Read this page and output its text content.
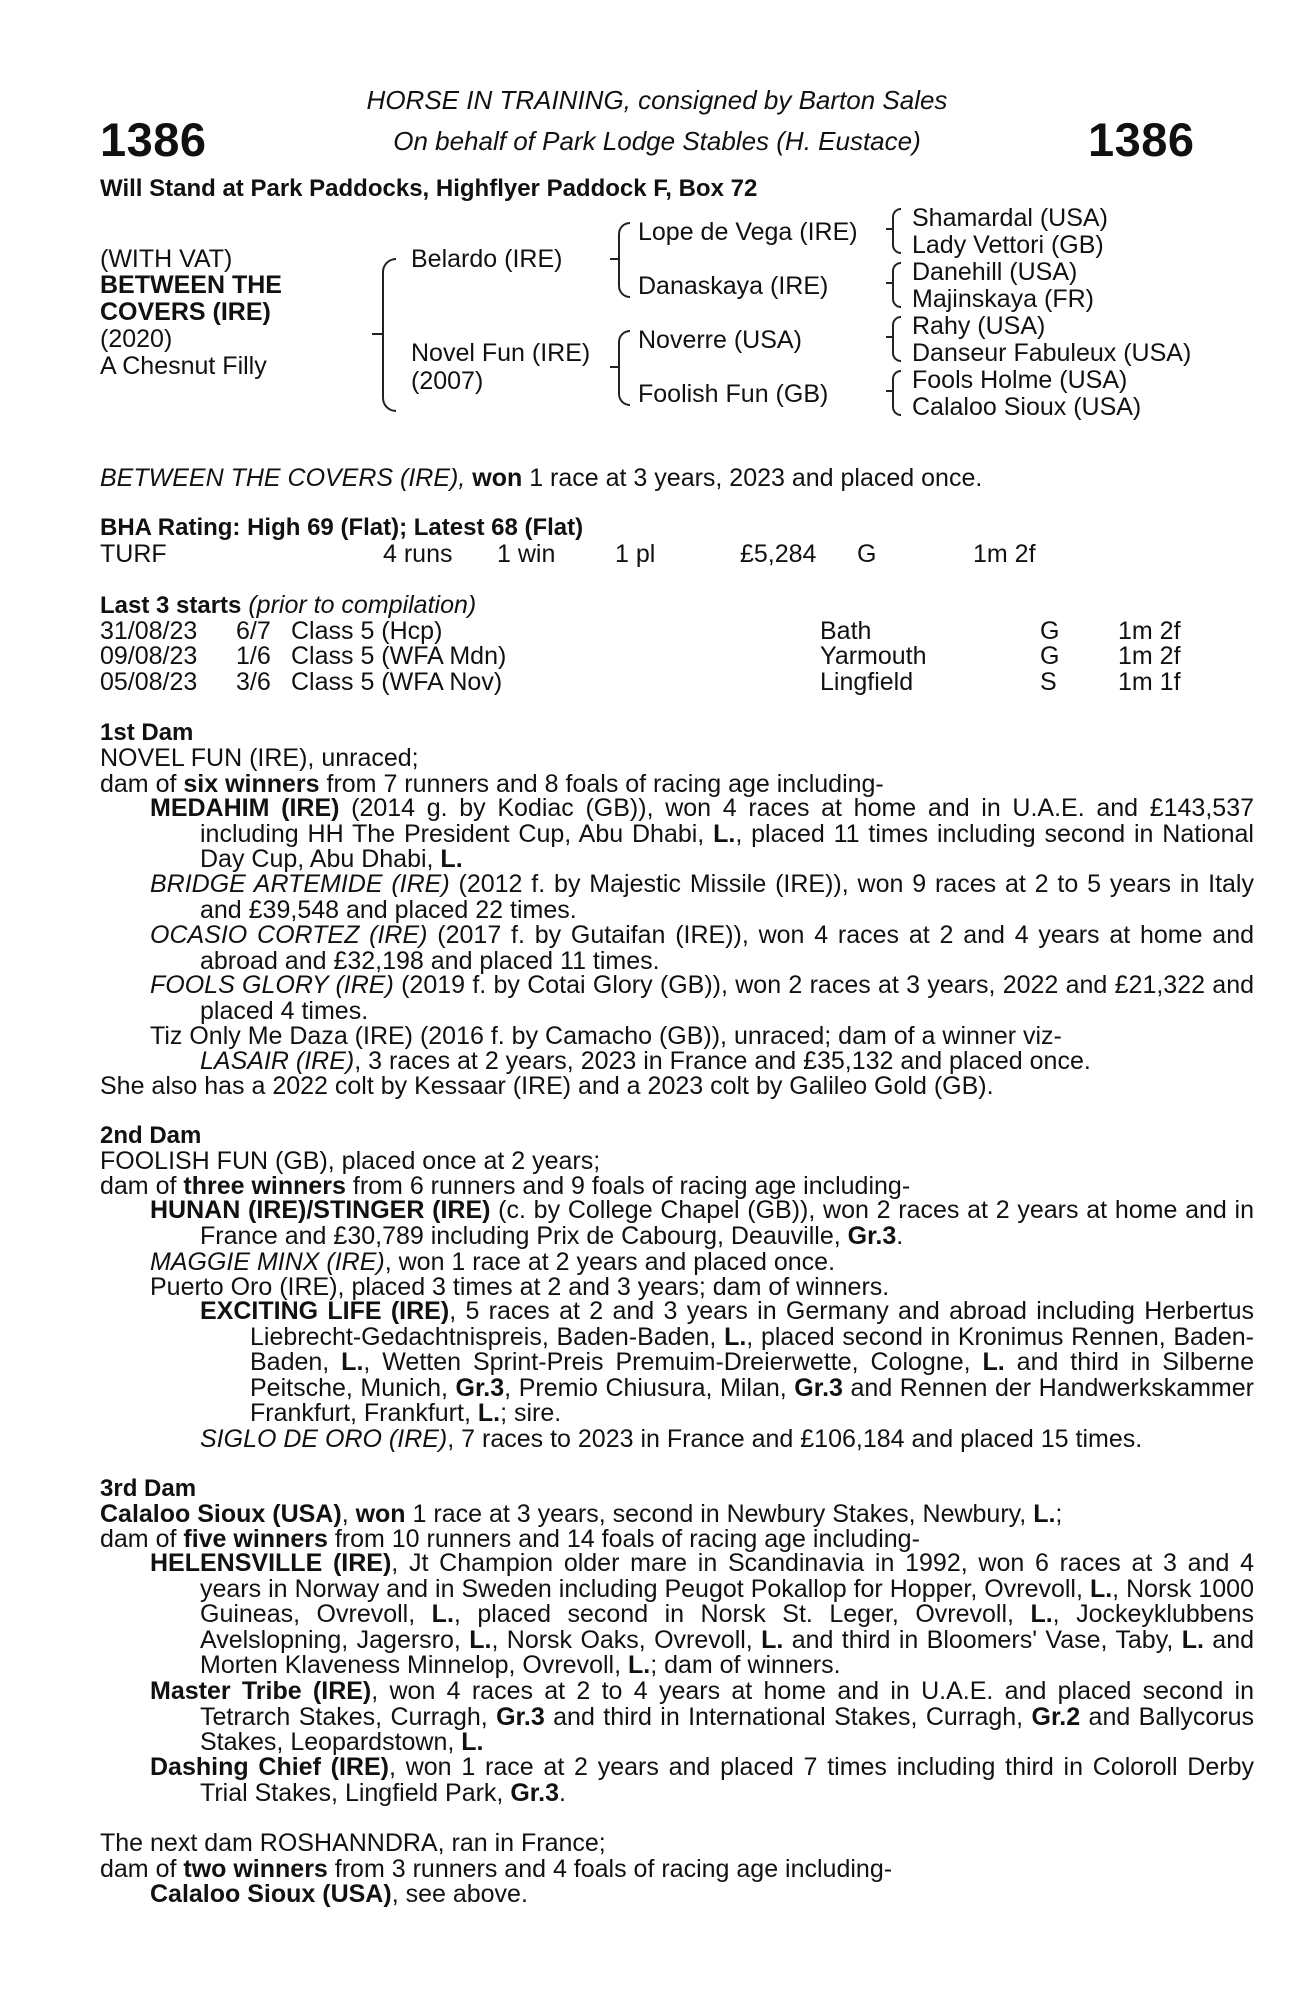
1386	1386
HORSE IN TRAINING, consigned by Barton Sales
On behalf of Park Lodge Stables (H. Eustace)
Will Stand at Park Paddocks, Highflyer Paddock F, Box 72
(WITH VAT)
BETWEEN THE
COVERS (IRE)
(2020)
A Chesnut Filly
Belardo (IRE)
Novel Fun (IRE)
(2007)
Lope de Vega (IRE)
Danaskaya (IRE)
Noverre (USA)
Foolish Fun (GB)
Shamardal (USA)
Lady Vettori (GB)
Danehill (USA)
Majinskaya (FR)
Rahy (USA)
Danseur Fabuleux (USA)
Fools Holme (USA)
Calaloo Sioux (USA)
BETWEEN THE COVERS (IRE), won 1 race at 3 years, 2023 and placed once.
BHA Rating: High 69 (Flat); Latest 68 (Flat)
TURF	4 runs 1 win 1 pl	£5,284 G	1m 2f
Last 3 starts (prior to compilation)
31/08/23 6/7 Class 5 (Hcp)	Bath	G 1m 2f
09/08/23 1/6 Class 5 (WFA Mdn)	Yarmouth	G 1m 2f
05/08/23 3/6 Class 5 (WFA Nov)	Lingfield	S 1m 1f
1st Dam
NOVEL FUN (IRE), unraced;
dam of six winners from 7 runners and 8 foals of racing age including-
MEDAHIM (IRE) (2014 g. by Kodiac (GB)), won 4 races at home and in U.A.E. and £143,537 including HH The President Cup, Abu Dhabi, L., placed 11 times including second in National Day Cup, Abu Dhabi, L.
BRIDGE ARTEMIDE (IRE) (2012 f. by Majestic Missile (IRE)), won 9 races at 2 to 5 years in Italy and £39,548 and placed 22 times.
OCASIO CORTEZ (IRE) (2017 f. by Gutaifan (IRE)), won 4 races at 2 and 4 years at home and abroad and £32,198 and placed 11 times.
FOOLS GLORY (IRE) (2019 f. by Cotai Glory (GB)), won 2 races at 3 years, 2022 and £21,322 and placed 4 times.
Tiz Only Me Daza (IRE) (2016 f. by Camacho (GB)), unraced; dam of a winner viz-
LASAIR (IRE), 3 races at 2 years, 2023 in France and £35,132 and placed once.
She also has a 2022 colt by Kessaar (IRE) and a 2023 colt by Galileo Gold (GB).
2nd Dam
FOOLISH FUN (GB), placed once at 2 years;
dam of three winners from 6 runners and 9 foals of racing age including-
HUNAN (IRE)/STINGER (IRE) (c. by College Chapel (GB)), won 2 races at 2 years at home and in France and £30,789 including Prix de Cabourg, Deauville, Gr.3.
MAGGIE MINX (IRE), won 1 race at 2 years and placed once.
Puerto Oro (IRE), placed 3 times at 2 and 3 years; dam of winners.
EXCITING LIFE (IRE), 5 races at 2 and 3 years in Germany and abroad including Herbertus Liebrecht-Gedachtnispreis, Baden-Baden, L., placed second in Kronimus Rennen, Baden-Baden, L., Wetten Sprint-Preis Premuim-Dreierwette, Cologne, L. and third in Silberne Peitsche, Munich, Gr.3, Premio Chiusura, Milan, Gr.3 and Rennen der Handwerkskammer Frankfurt, Frankfurt, L.; sire.
SIGLO DE ORO (IRE), 7 races to 2023 in France and £106,184 and placed 15 times.
3rd Dam
Calaloo Sioux (USA), won 1 race at 3 years, second in Newbury Stakes, Newbury, L.;
dam of five winners from 10 runners and 14 foals of racing age including-
HELENSVILLE (IRE), Jt Champion older mare in Scandinavia in 1992, won 6 races at 3 and 4 years in Norway and in Sweden including Peugot Pokallop for Hopper, Ovrevoll, L., Norsk 1000 Guineas, Ovrevoll, L., placed second in Norsk St. Leger, Ovrevoll, L., Jockeyklubbens Avelslopning, Jagersro, L., Norsk Oaks, Ovrevoll, L. and third in Bloomers' Vase, Taby, L. and Morten Klaveness Minnelop, Ovrevoll, L.; dam of winners.
Master Tribe (IRE), won 4 races at 2 to 4 years at home and in U.A.E. and placed second in Tetrarch Stakes, Curragh, Gr.3 and third in International Stakes, Curragh, Gr.2 and Ballycorus Stakes, Leopardstown, L.
Dashing Chief (IRE), won 1 race at 2 years and placed 7 times including third in Coloroll Derby Trial Stakes, Lingfield Park, Gr.3.
The next dam ROSHANNDRA, ran in France;
dam of two winners from 3 runners and 4 foals of racing age including-
Calaloo Sioux (USA), see above.
